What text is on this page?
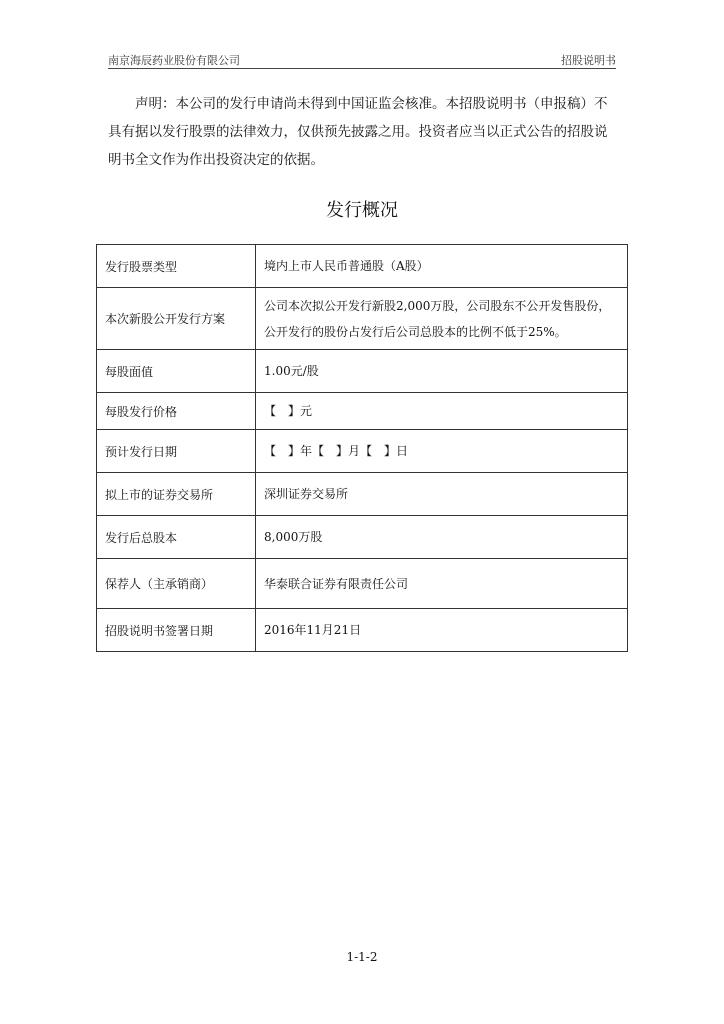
南京海辰药业股份有限公司	招股说明书
声明：本公司的发行申请尚未得到中国证监会核准。本招股说明书（申报稿）不具有据以发行股票的法律效力，仅供预先披露之用。投资者应当以正式公告的招股说明书全文作为作出投资决定的依据。
发行概况
发行股票类型	境内上市人民币普通股（A股）
本次新股公开发行方案	公司本次拟公开发行新股2,000万股，公司股东不公开发售股份，公开发行的股份占发行后公司总股本的比例不低于25%。
每股面值	1.00元/股
每股发行价格	【　】元
预计发行日期	【　】年【　】月【　】日
拟上市的证券交易所	深圳证券交易所
发行后总股本	8,000万股
保荐人（主承销商）	华泰联合证券有限责任公司
招股说明书签署日期	2016年11月21日
1-1-2
